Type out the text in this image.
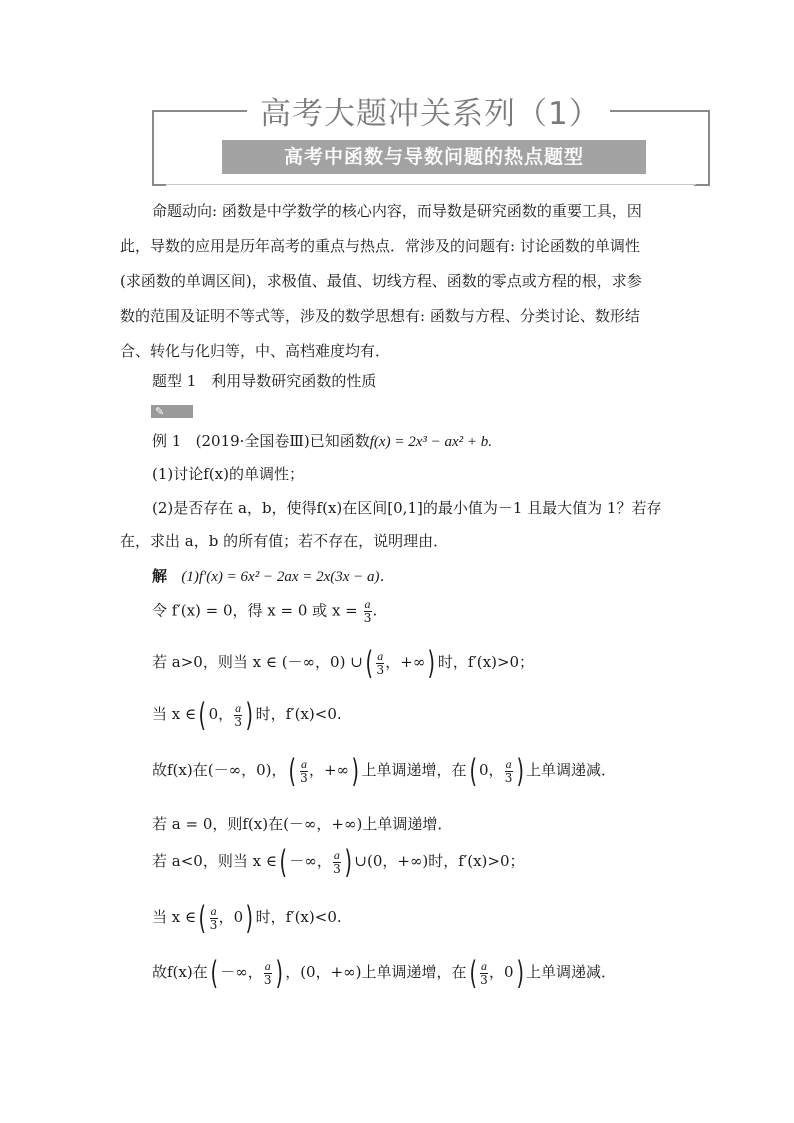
高考大题冲关系列（1）
高考中函数与导数问题的热点题型
命题动向: 函数是中学数学的核心内容，而导数是研究函数的重要工具，因
此，导数的应用是历年高考的重点与热点．常涉及的问题有: 讨论函数的单调性
(求函数的单调区间)，求极值、最值、切线方程、函数的零点或方程的根，求参
数的范围及证明不等式等，涉及的数学思想有: 函数与方程、分类讨论、数形结
合、转化与化归等，中、高档难度均有．
题型 1　利用导数研究函数的性质
✎
例 1 (2019·全国卷Ⅲ)已知函数f(x) = 2x³ − ax² + b.
(1)讨论f(x)的单调性；
(2)是否存在 a，b，使得f(x)在区间[0,1]的最小值为－1 且最大值为 1？若存
在，求出 a，b 的所有值；若不存在，说明理由．
解 (1)f′(x) = 6x² − 2ax = 2x(3x − a)．
令 f′(x) = 0，得 x = 0 或 $x = \frac{a}{3}$ .
若 a>0，则当 x ∈ (－∞，0) ∪( $\frac{a}{3}$ ，+∞) 时，f′(x)>0；
当 x ∈( 0， $\frac{a}{3}$ ) 时，f′(x)<0.
故f(x)在(－∞，0)，( $\frac{a}{3}$ ，+∞) 上单调递增，在( 0， $\frac{a}{3}$ ) 上单调递减．
若 a = 0，则f(x)在(－∞，+∞)上单调递增．
若 a<0，则当 x ∈( －∞， $\frac{a}{3}$ ) ∪(0，+∞)时，f′(x)>0；
当 x ∈( $\frac{a}{3}$ ，0) 时，f′(x)<0.
故f(x)在( －∞， $\frac{a}{3}$ ) ，(0，+∞)上单调递增，在( $\frac{a}{3}$ ，0) 上单调递减．
